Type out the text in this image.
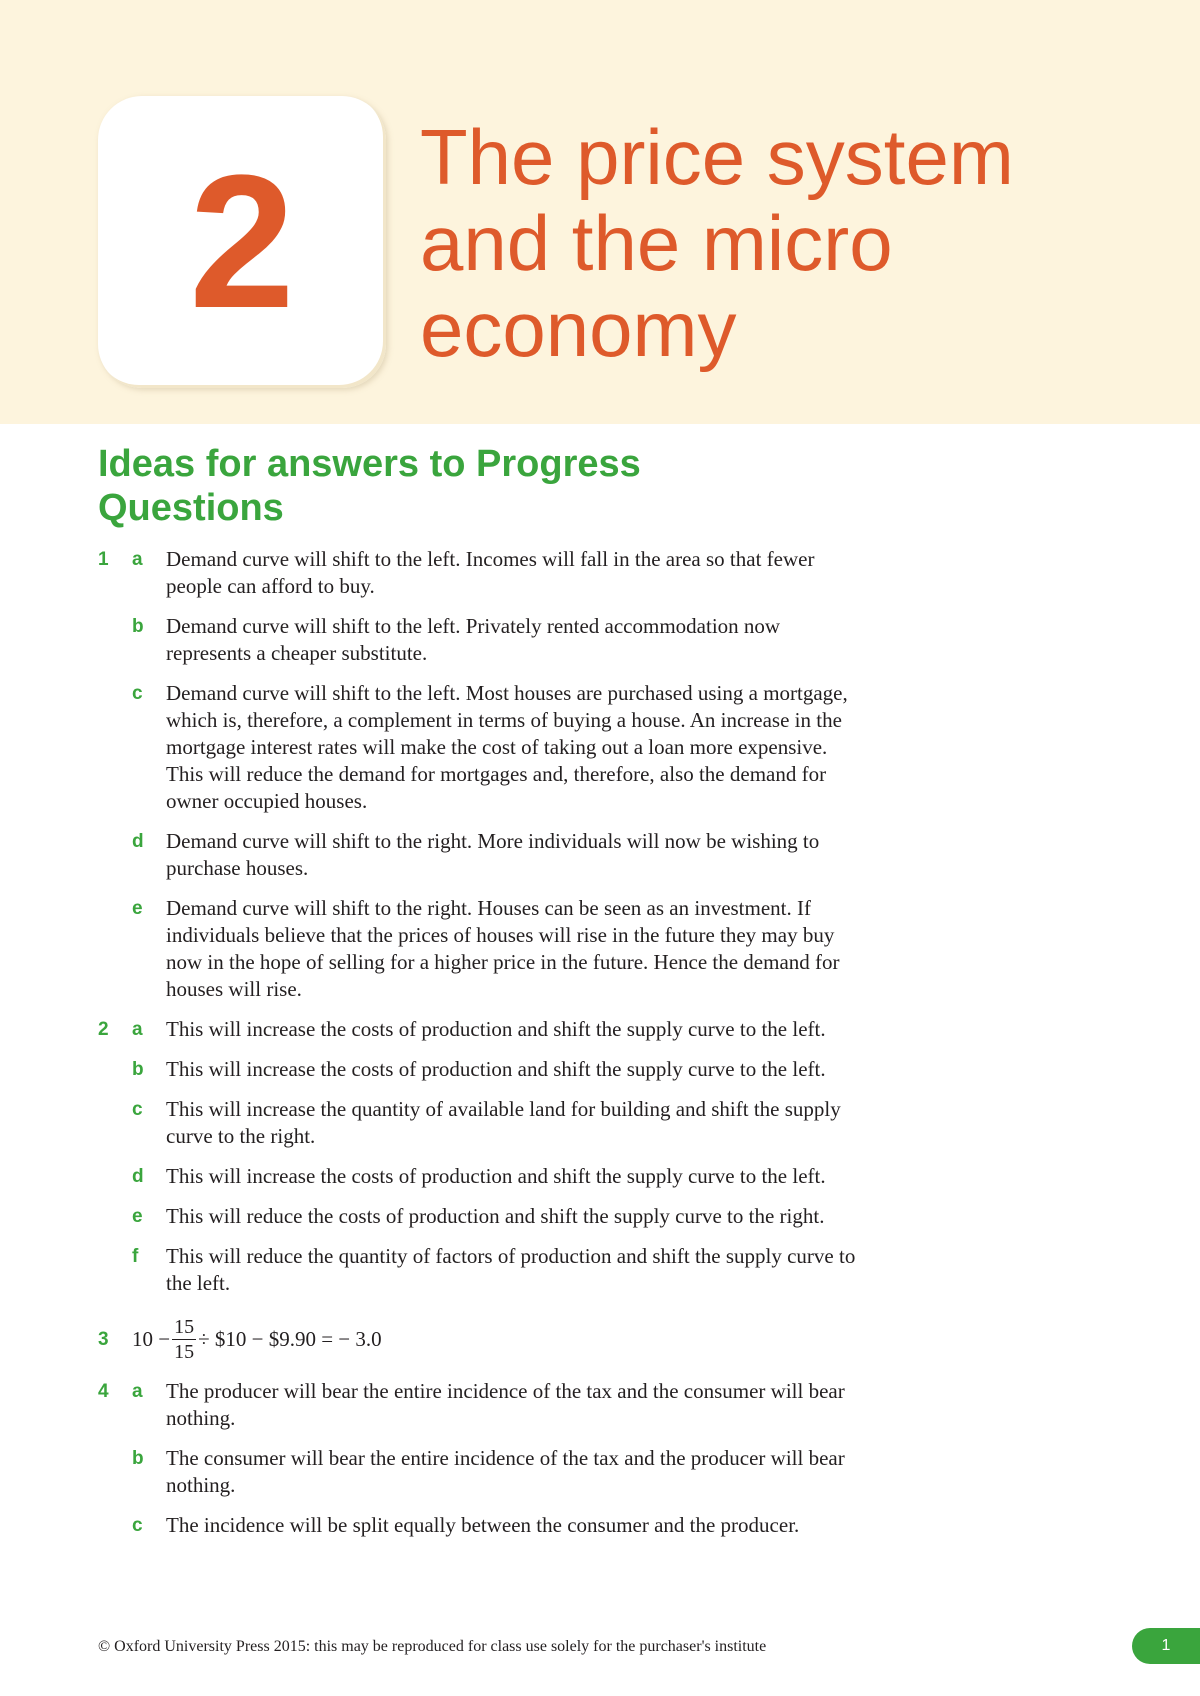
2	The price system
and the micro
economy
Ideas for answers to Progress
Questions
1	a	Demand curve will shift to the left. Incomes will fall in the area so that fewer people can afford to buy.
b	Demand curve will shift to the left. Privately rented accommodation now represents a cheaper substitute.
c	Demand curve will shift to the left. Most houses are purchased using a mortgage, which is, therefore, a complement in terms of buying a house. An increase in the mortgage interest rates will make the cost of taking out a loan more expensive. This will reduce the demand for mortgages and, therefore, also the demand for owner occupied houses.
d	Demand curve will shift to the right. More individuals will now be wishing to purchase houses.
e	Demand curve will shift to the right. Houses can be seen as an investment. If individuals believe that the prices of houses will rise in the future they may buy now in the hope of selling for a higher price in the future. Hence the demand for houses will rise.
2	a	This will increase the costs of production and shift the supply curve to the left.
b	This will increase the costs of production and shift the supply curve to the left.
c	This will increase the quantity of available land for building and shift the supply curve to the right.
d	This will increase the costs of production and shift the supply curve to the left.
e	This will reduce the costs of production and shift the supply curve to the right.
f	This will reduce the quantity of factors of production and shift the supply curve to the left.
3	$10 - \frac{15}{15}$ ÷ $10 − $9.90 = − 3.0
4	a	The producer will bear the entire incidence of the tax and the consumer will bear nothing.
b	The consumer will bear the entire incidence of the tax and the producer will bear nothing.
c	The incidence will be split equally between the consumer and the producer.
© Oxford University Press 2015: this may be reproduced for class use solely for the purchaser's institute	1
